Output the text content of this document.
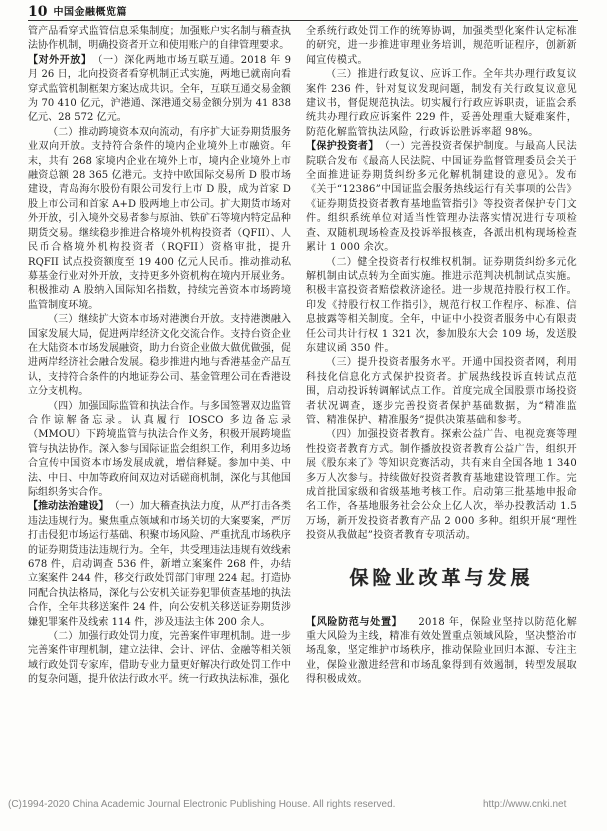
10 中国金融概览篇

管产品看穿式监管信息采集制度；加强账户实名制与稽查执法协作机制，明确投资者开立和使用账户的自律管理要求。

【对外开放】 （一）深化两地市场互联互通。2018 年 9 月 26 日，北向投资者看穿机制正式实施，两地已就南向看穿式监管机制框架方案达成共识。全年，互联互通交易金额为 70 410 亿元，沪港通、深港通交易金额分别为 41 838 亿元、28 572 亿元。

（二）推动跨境资本双向流动，有序扩大证券期货服务业双向开放。支持符合条件的境内企业境外上市融资。年末，共有 268 家境内企业在境外上市，境内企业境外上市融资总额 28 365 亿港元。支持中欧国际交易所 D 股市场建设，青岛海尔股份有限公司发行上市 D 股，成为首家 D 股上市公司和首家 A+D 股两地上市公司。扩大期货市场对外开放，引入境外交易者参与原油、铁矿石等境内特定品种期货交易。继续稳步推进合格境外机构投资者（QFII）、人民币合格境外机构投资者（RQFII）资格审批，提升 RQFII 试点投资额度至 19 400 亿元人民币。推动推动私募基金行业对外开放，支持更多外资机构在境内开展业务。积极推动 A 股纳入国际知名指数，持续完善资本市场跨境监管制度环境。

（三）继续扩大资本市场对港澳台开放。支持港澳融入国家发展大局，促进两岸经济文化交流合作。支持台资企业在大陆资本市场发展融资，助力台资企业做大做优做强，促进两岸经济社会融合发展。稳步推进内地与香港基金产品互认，支持符合条件的内地证券公司、基金管理公司在香港设立分支机构。

（四）加强国际监管和执法合作。与多国签署双边监管合作谅解备忘录。认真履行 IOSCO 多边备忘录（MMOU）下跨境监管与执法合作义务，积极开展跨境监管与执法协作。深入参与国际证监会组织工作，利用多边场合宣传中国资本市场发展成就，增信释疑。参加中美、中法、中日、中加等政府间双边对话磋商机制，深化与其他国际组织务实合作。

【推动法治建设】 （一）加大稽查执法力度，从严打击各类违法违规行为。聚焦重点领域和市场关切的大案要案，严厉打击侵犯市场运行基础、积聚市场风险、严重扰乱市场秩序的证券期货违法违规行为。全年，共受理违法违规有效线索 678 件，启动调查 536 件，新增立案案件 268 件，办结立案案件 244 件，移交行政处罚部门审理 224 起。打造协同配合执法格局，深化与公安机关证券犯罪侦查基地的执法合作，全年共移送案件 24 件，向公安机关移送证券期货涉嫌犯罪案件及线索 114 件，涉及违法主体 200 余人。

（二）加强行政处罚力度，完善案件审理机制。进一步完善案件审理机制，建立法律、会计、评估、金融等相关领域行政处罚专家库，借助专业力量更好解决行政处罚工作中的复杂问题，提升依法行政水平。统一行政执法标准，强化

全系统行政处罚工作的统筹协调，加强类型化案件认定标准的研究，进一步推进审理业务培训，规范听证程序，创新新闻宣传模式。

（三）推进行政复议、应诉工作。全年共办理行政复议案件 236 件，针对复议发现问题，制发有关行政复议意见建议书，督促规范执法。切实履行行政应诉职责，证监会系统共办理行政应诉案件 229 件，妥善处理重大疑难案件，防范化解监管执法风险，行政诉讼胜诉率超 98%。

【保护投资者】 （一）完善投资者保护制度。与最高人民法院联合发布《最高人民法院、中国证券监督管理委员会关于全面推进证券期货纠纷多元化解机制建设的意见》。发布《关于“12386”中国证监会服务热线运行有关事项的公告》《证券期货投资者教育基地监管指引》等投资者保护专门文件。组织系统单位对适当性管理办法落实情况进行专项检查、双随机现场检查及投诉举报核查，各派出机构现场检查累计 1 000 余次。

（二）健全投资者行权维权机制。证券期货纠纷多元化解机制由试点转为全面实施。推进示范判决机制试点实施。积极丰富投资者赔偿救济途径。进一步规范持股行权工作。印发《持股行权工作指引》，规范行权工作程序、标准、信息披露等相关制度。全年，中证中小投资者服务中心有限责任公司共计行权 1 321 次，参加股东大会 109 场，发送股东建议函 350 件。

（三）提升投资者服务水平。开通中国投资者网，利用科技化信息化方式保护投资者。扩展热线投诉直转试点范围，启动投诉转调解试点工作。首度完成全国股票市场投资者状况调查，逐步完善投资者保护基础数据，为“精准监管、精准保护、精准服务”提供决策基础和参考。

（四）加强投资者教育。探索公益广告、电视竞赛等理性投资者教育方式。制作播放投资者教育公益广告，组织开展《股东来了》等知识竞赛活动，共有来自全国各地 1 340 多万人次参与。持续做好投资者教育基地建设管理工作。完成首批国家级和省级基地考核工作。启动第三批基地申报命名工作，各基地服务社会公众上亿人次，举办投教活动 1.5 万场，新开发投资者教育产品 2 000 多种。组织开展“理性投资从我做起”投资者教育专项活动。

保险业改革与发展

【风险防范与处置】 2018 年，保险业坚持以防范化解重大风险为主线，精准有效处置重点领域风险，坚决整治市场乱象，坚定维护市场秩序，推动保险业回归本源、专注主业，保险业激进经营和市场乱象得到有效遏制，转型发展取得积极成效。

(C)1994-2020 China Academic Journal Electronic Publishing House. All rights reserved.	http://www.cnki.net
